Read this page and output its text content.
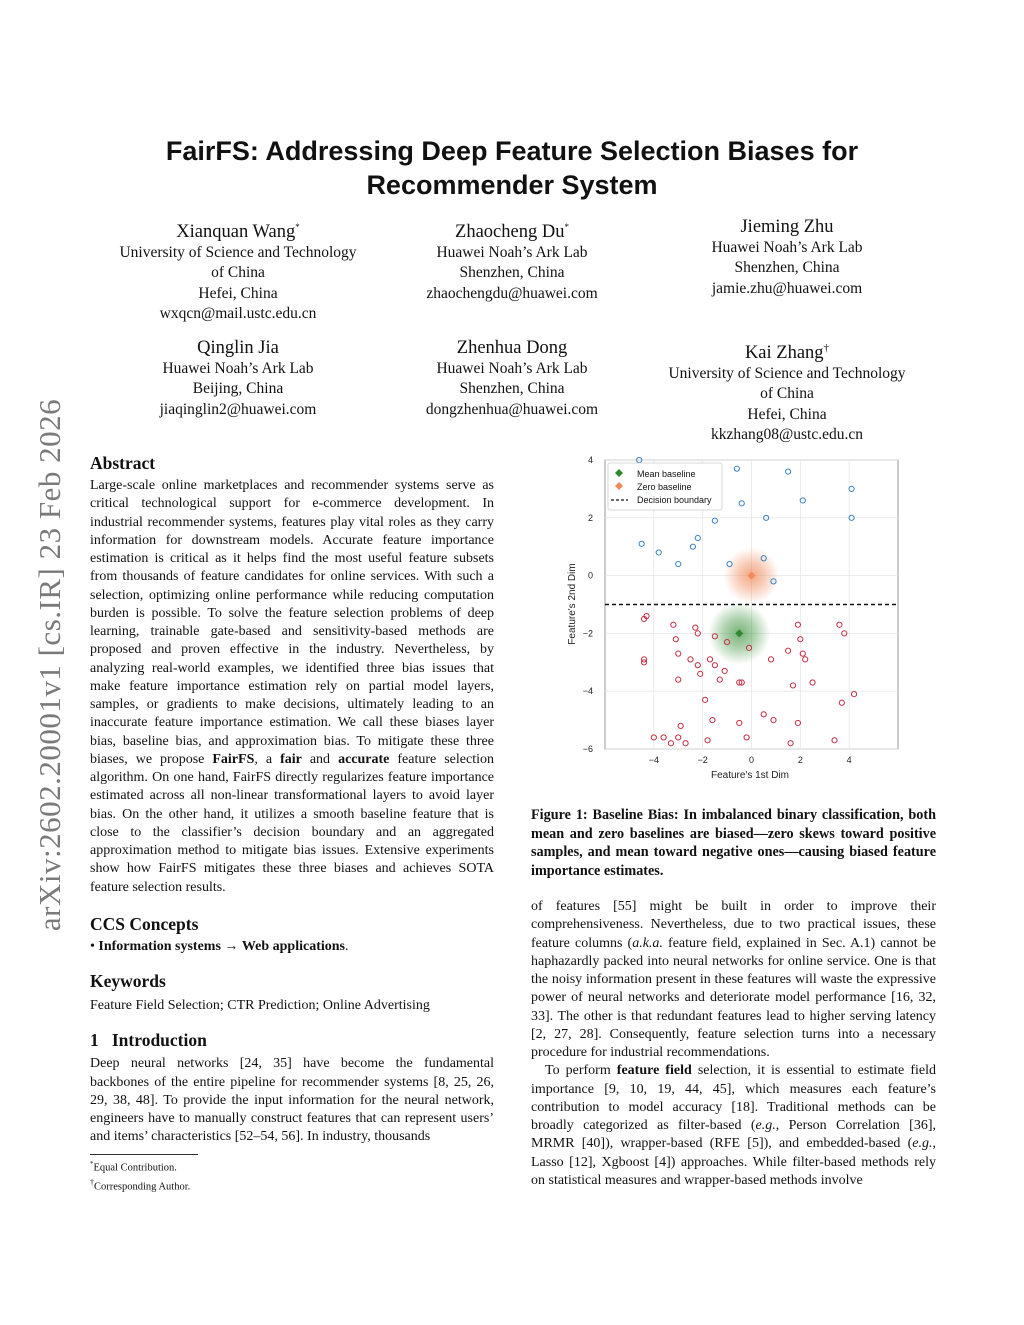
arXiv:2602.20001v1 [cs.IR] 23 Feb 2026
FairFS: Addressing Deep Feature Selection Biases for
Recommender System
Xianquan Wang*
University of Science and Technology
of China
Hefei, China
wxqcn@mail.ustc.edu.cn
Zhaocheng Du*
Huawei Noah’s Ark Lab
Shenzhen, China
zhaochengdu@huawei.com
Jieming Zhu
Huawei Noah’s Ark Lab
Shenzhen, China
jamie.zhu@huawei.com
Qinglin Jia
Huawei Noah’s Ark Lab
Beijing, China
jiaqinglin2@huawei.com
Zhenhua Dong
Huawei Noah’s Ark Lab
Shenzhen, China
dongzhenhua@huawei.com
Kai Zhang†
University of Science and Technology
of China
Hefei, China
kkzhang08@ustc.edu.cn
Abstract

Large-scale online marketplaces and recommender systems serve as critical technological support for e-commerce development. In industrial recommender systems, features play vital roles as they carry information for downstream models. Accurate feature importance estimation is critical as it helps find the most useful feature subsets from thousands of feature candidates for online services. With such a selection, optimizing online performance while reducing computation burden is possible. To solve the feature selection problems of deep learning, trainable gate-based and sensitivity-based methods are proposed and proven effective in the industry. Nevertheless, by analyzing real-world examples, we identified three bias issues that make feature importance estimation rely on partial model layers, samples, or gradients to make decisions, ultimately leading to an inaccurate feature importance estimation. We call these biases layer bias, baseline bias, and approximation bias. To mitigate these three biases, we propose FairFS, a fair and accurate feature selection algorithm. On one hand, FairFS directly regularizes feature importance estimated across all non-linear transformational layers to avoid layer bias. On the other hand, it utilizes a smooth baseline feature that is close to the classifier’s decision boundary and an aggregated approximation method to mitigate bias issues. Extensive experiments show how FairFS mitigates these three biases and achieves SOTA feature selection results.

CCS Concepts

• Information systems → Web applications.

Keywords

Feature Field Selection; CTR Prediction; Online Advertising

1 Introduction

Deep neural networks [24, 35] have become the fundamental backbones of the entire pipeline for recommender systems [8, 25, 26, 29, 38, 48]. To provide the input information for the neural network, engineers have to manually construct features that can represent users’ and items’ characteristics [52–54, 56]. In industry, thousands

*Equal Contribution.
†Corresponding Author.
−4	−2	0	2	4
4
2
0
−2
−4
−6
Feature's 1st Dim
Feature's 2nd Dim
Mean baseline
Zero baseline
Decision boundary
Figure 1: Baseline Bias: In imbalanced binary classification, both mean and zero baselines are biased—zero skews toward positive samples, and mean toward negative ones—causing biased feature importance estimates.

of features [55] might be built in order to improve their comprehensiveness. Nevertheless, due to two practical issues, these feature columns (a.k.a. feature field, explained in Sec. A.1) cannot be haphazardly packed into neural networks for online service. One is that the noisy information present in these features will waste the expressive power of neural networks and deteriorate model performance [16, 32, 33]. The other is that redundant features lead to higher serving latency [2, 27, 28]. Consequently, feature selection turns into a necessary procedure for industrial recommendations.

To perform feature field selection, it is essential to estimate field importance [9, 10, 19, 44, 45], which measures each feature’s contribution to model accuracy [18]. Traditional methods can be broadly categorized as filter-based (e.g., Person Correlation [36], MRMR [40]), wrapper-based (RFE [5]), and embedded-based (e.g., Lasso [12], Xgboost [4]) approaches. While filter-based methods rely on statistical measures and wrapper-based methods involve
